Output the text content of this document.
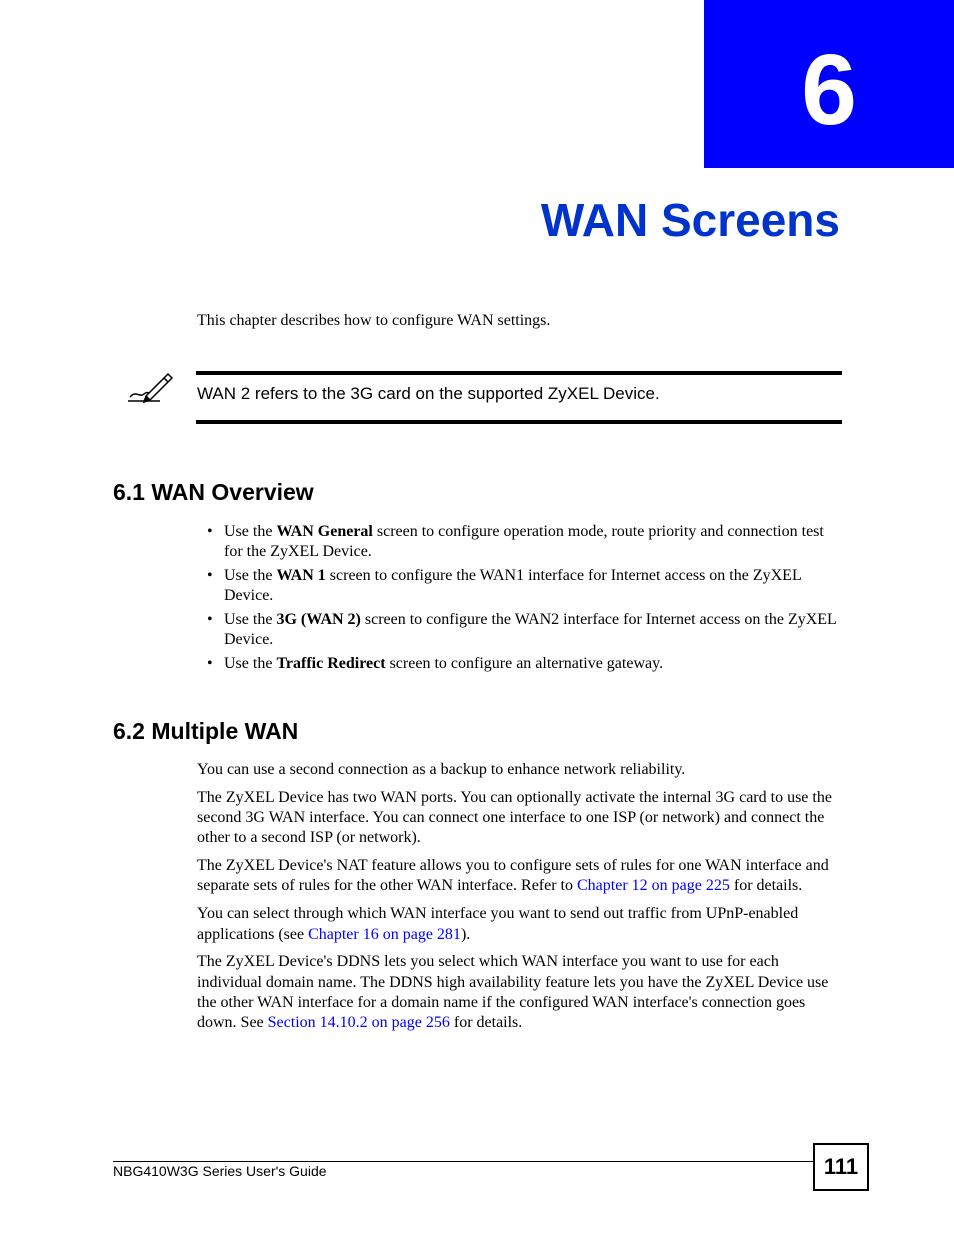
6
WAN Screens
This chapter describes how to configure WAN settings.
WAN 2 refers to the 3G card on the supported ZyXEL Device.
6.1 WAN Overview
• Use the WAN General screen to configure operation mode, route priority and connection test for the ZyXEL Device.
• Use the WAN 1 screen to configure the WAN1 interface for Internet access on the ZyXEL Device.
• Use the 3G (WAN 2) screen to configure the WAN2 interface for Internet access on the ZyXEL Device.
• Use the Traffic Redirect screen to configure an alternative gateway.
6.2 Multiple WAN

You can use a second connection as a backup to enhance network reliability.

The ZyXEL Device has two WAN ports. You can optionally activate the internal 3G card to use the second 3G WAN interface. You can connect one interface to one ISP (or network) and connect the other to a second ISP (or network).

The ZyXEL Device's NAT feature allows you to configure sets of rules for one WAN interface and separate sets of rules for the other WAN interface. Refer to Chapter 12 on page 225 for details.

You can select through which WAN interface you want to send out traffic from UPnP-enabled applications (see Chapter 16 on page 281).

The ZyXEL Device's DDNS lets you select which WAN interface you want to use for each individual domain name. The DDNS high availability feature lets you have the ZyXEL Device use the other WAN interface for a domain name if the configured WAN interface's connection goes down. See Section 14.10.2 on page 256 for details.

NBG410W3G Series User's Guide	111
